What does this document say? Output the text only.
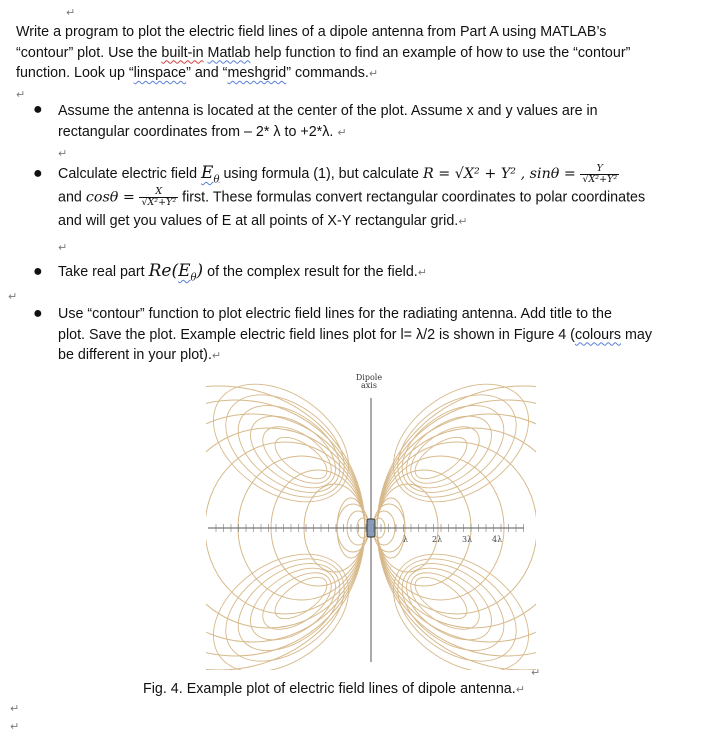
↵
↵
↵
↵
↵
↵
↵
↵
Write a program to plot the electric field lines of a dipole antenna from Part A using MATLAB’s
“contour” plot. Use the built-in Matlab help function to find an example of how to use the “contour”
function. Look up “linspace” and “meshgrid” commands.↵
● Assume the antenna is located at the center of the plot. Assume x and y values are in
rectangular coordinates from – 2* λ to +2*λ. ↵
● Calculate electric field $E_\theta$ using formula (1), but calculate R = √X² + Y² , $\sin\theta = \frac{Y}{\text{√X²+Y²}}$
and $\cos\theta = \frac{X}{\text{√X²+Y²}}$ first. These formulas convert rectangular coordinates to polar coordinates
and will get you values of E at all points of X-Y rectangular grid.↵
● Take real part $Re(E_\theta)$ of the complex result for the field.↵
● Use “contour” function to plot electric field lines for the radiating antenna. Add title to the
plot. Save the plot. Example electric field lines plot for l= λ/2 is shown in Figure 4 (colours may
be different in your plot).↵
Dipole
axis
λ	2λ 3λ 4λ
Fig. 4. Example plot of electric field lines of dipole antenna.↵
